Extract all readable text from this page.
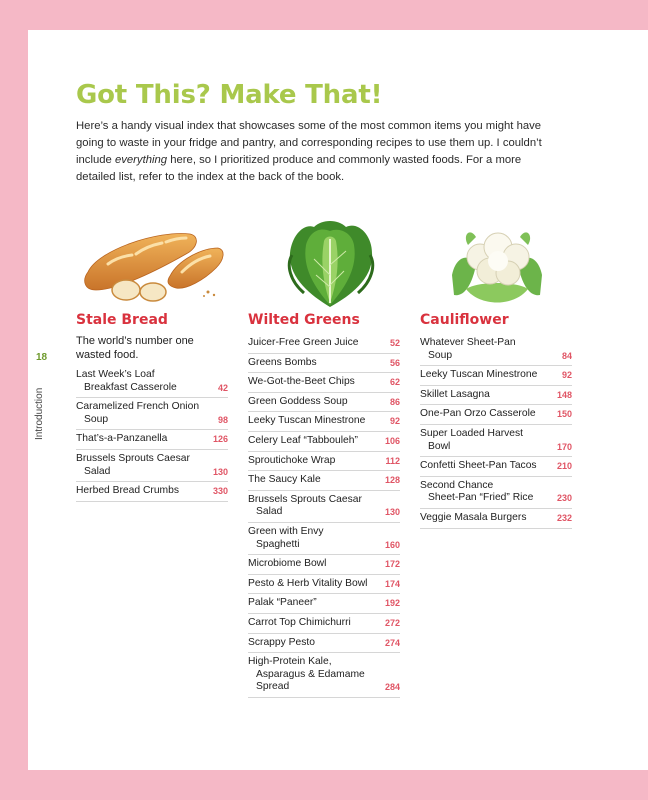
Got This? Make That!

Here’s a handy visual index that showcases some of the most common items you might have going to waste in your fridge and pantry, and corresponding recipes to use them up. I couldn’t include everything here, so I prioritized produce and commonly wasted foods. For a more detailed list, refer to the index at the back of the book.

18
Introduction
Stale Bread
The world’s number one wasted food.
Last Week’s Loaf
Breakfast Casserole	42
Caramelized French Onion
Soup	98
That’s-a-Panzanella	126
Brussels Sprouts Caesar
Salad	130
Herbed Bread Crumbs	330
Wilted Greens
Juicer-Free Green Juice	52
Greens Bombs	56
We-Got-the-Beet Chips	62
Green Goddess Soup	86
Leeky Tuscan Minestrone	92
Celery Leaf “Tabbouleh”	106
Sproutichoke Wrap	112
The Saucy Kale	128
Brussels Sprouts Caesar
Salad	130
Green with Envy
Spaghetti	160
Microbiome Bowl	172
Pesto & Herb Vitality Bowl	174
Palak “Paneer”	192
Carrot Top Chimichurri	272
Scrappy Pesto	274
High-Protein Kale,
Asparagus & Edamame
Spread	284
Cauliflower
Whatever Sheet-Pan
Soup	84
Leeky Tuscan Minestrone	92
Skillet Lasagna	148
One-Pan Orzo Casserole	150
Super Loaded Harvest
Bowl	170
Confetti Sheet-Pan Tacos	210
Second Chance
Sheet-Pan “Fried” Rice	230
Veggie Masala Burgers	232
